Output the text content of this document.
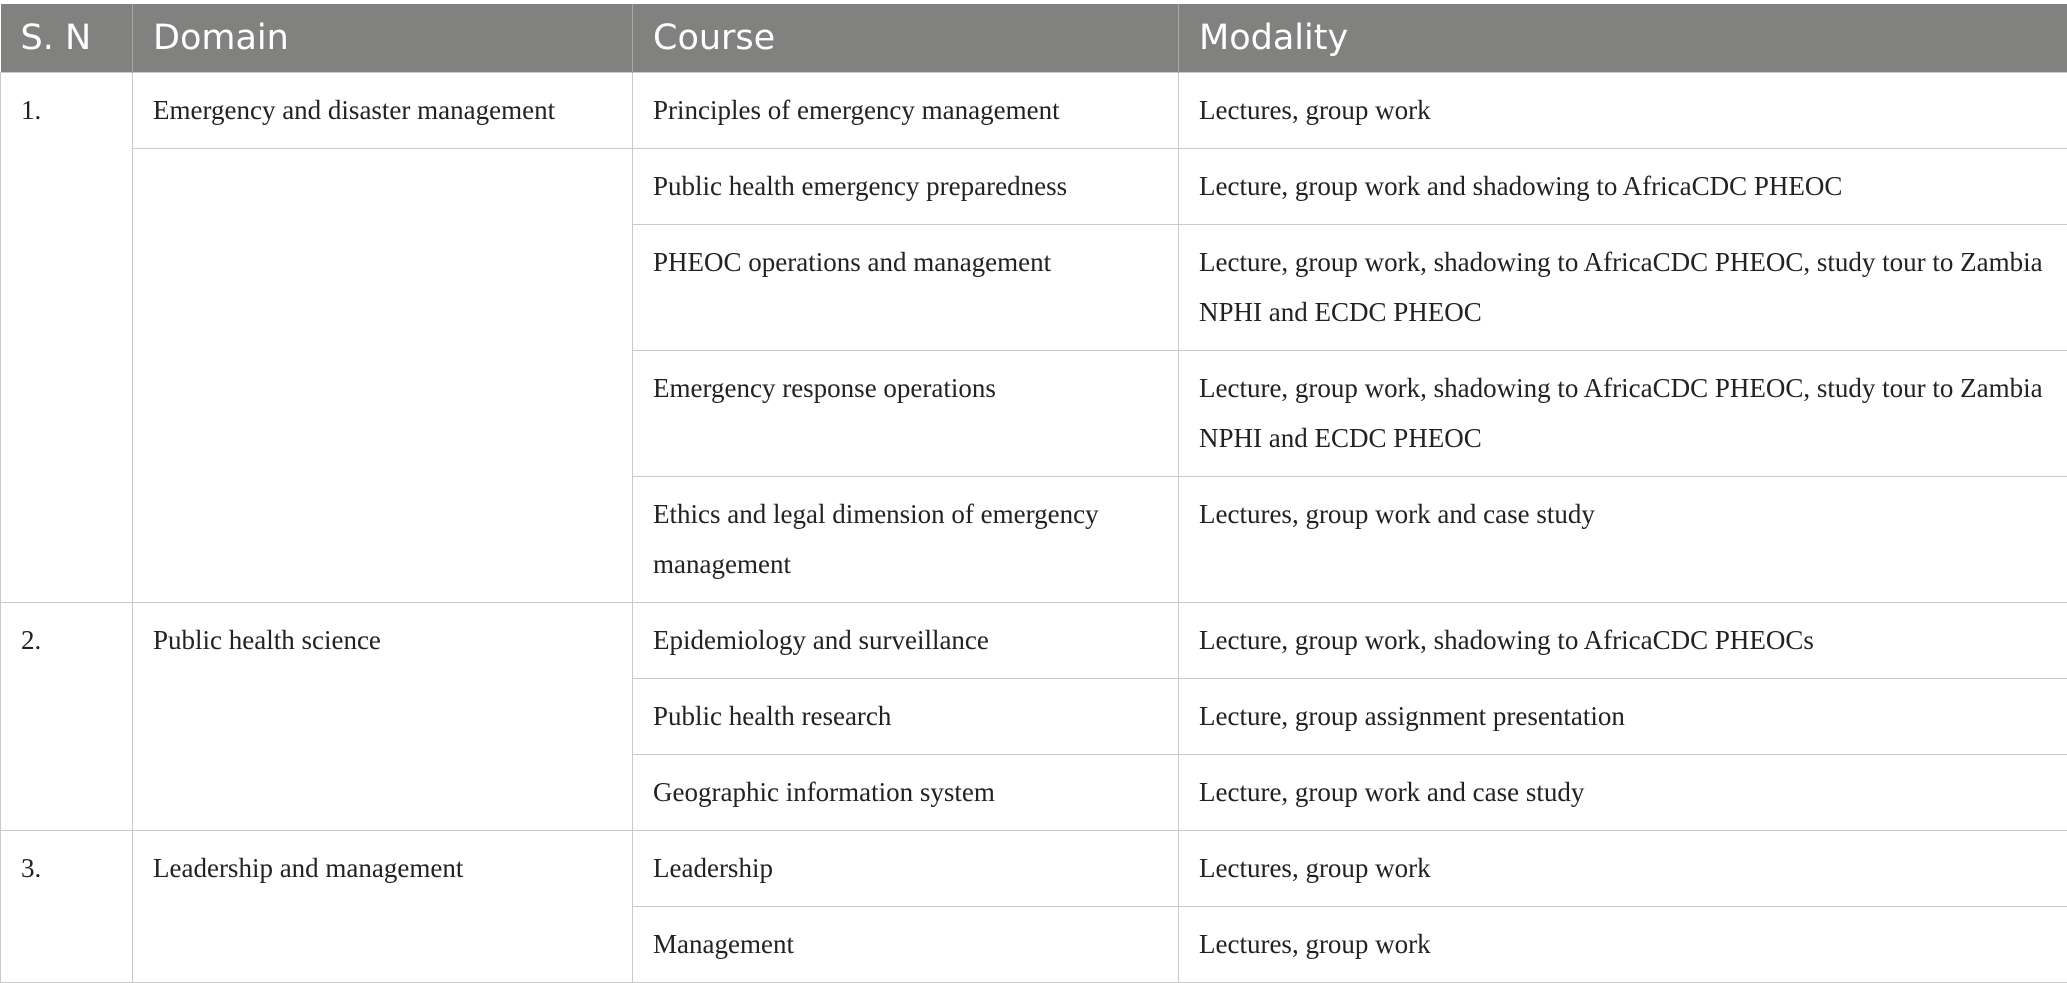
S. N	Domain	Course	Modality
1.	Emergency and disaster management	Principles of emergency management	Lectures, group work
		Public health emergency preparedness	Lecture, group work and shadowing to AfricaCDC PHEOC
		PHEOC operations and management	Lecture, group work, shadowing to AfricaCDC PHEOC, study tour to Zambia NPHI and ECDC PHEOC
		Emergency response operations	Lecture, group work, shadowing to AfricaCDC PHEOC, study tour to Zambia NPHI and ECDC PHEOC
		Ethics and legal dimension of emergency management	Lectures, group work and case study
2.	Public health science	Epidemiology and surveillance	Lecture, group work, shadowing to AfricaCDC PHEOCs
		Public health research	Lecture, group assignment presentation
		Geographic information system	Lecture, group work and case study
3.	Leadership and management	Leadership	Lectures, group work
		Management	Lectures, group work
